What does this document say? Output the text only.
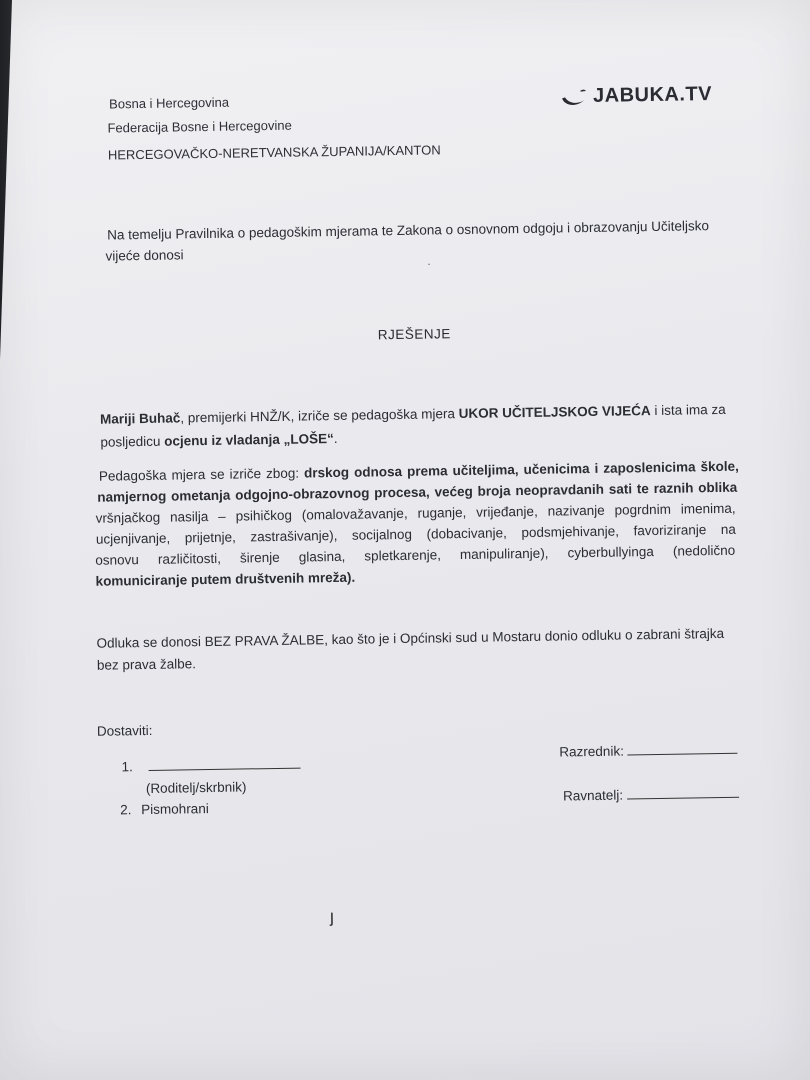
Bosna i Hercegovina
Federacija Bosne i Hercegovine
HERCEGOVAČKO-NERETVANSKA ŽUPANIJA/KANTON
JABUKA.TV
Na temelju Pravilnika o pedagoškim mjerama te Zakona o osnovnom odgoju i obrazovanju Učiteljsko
vijeće donosi
˙
RJEŠENJE
Mariji Buhač, premijerki HNŽ/K, izriče se pedagoška mjera UKOR UČITELJSKOG VIJEĆA i ista ima za
posljedicu ocjenu iz vladanja „LOŠE“.
Pedagoška mjera se izriče zbog: drskog odnosa prema učiteljima, učenicima i zaposlenicima škole,
namjernog ometanja odgojno-obrazovnog procesa, većeg broja neopravdanih sati te raznih oblika
vršnjačkog nasilja – psihičkog (omalovažavanje, ruganje, vrijeđanje, nazivanje pogrdnim imenima,
ucjenjivanje, prijetnje, zastrašivanje), socijalnog (dobacivanje, podsmjehivanje, favoriziranje na
osnovu različitosti, širenje glasina, spletkarenje, manipuliranje), cyberbullyinga (nedolično
komuniciranje putem društvenih mreža).
Odluka se donosi BEZ PRAVA ŽALBE, kao što je i Općinski sud u Mostaru donio odluku o zabrani štrajka
bez prava žalbe.
Dostaviti:
1.
(Roditelj/skrbnik)
2. Pismohrani
Razrednik:
Ravnatelj:
ȷ
